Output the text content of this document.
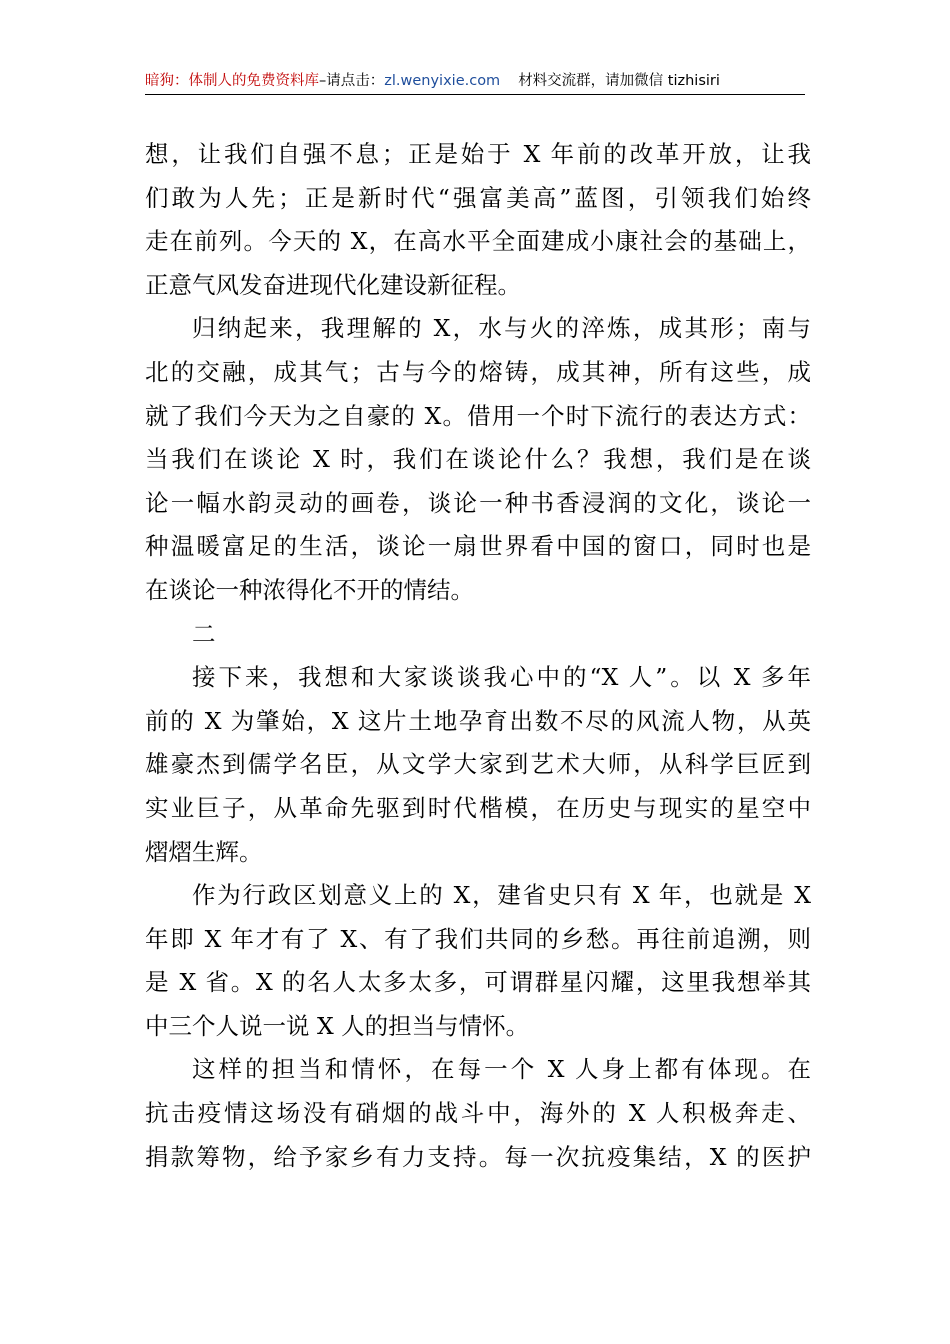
暗狗：体制人的免费资料库–请点击：zl.wenyixie.com 材料交流群，请加微信 tizhisiri
想，让我们自强不息；正是始于 X 年前的改革开放，让我
们敢为人先；正是新时代“强富美高”蓝图，引领我们始终
走在前列。今天的 X，在高水平全面建成小康社会的基础上，
正意气风发奋进现代化建设新征程。
归纳起来，我理解的 X，水与火的淬炼，成其形；南与
北的交融，成其气；古与今的熔铸，成其神，所有这些，成
就了我们今天为之自豪的 X。借用一个时下流行的表达方式：
当我们在谈论 X 时，我们在谈论什么？我想，我们是在谈
论一幅水韵灵动的画卷，谈论一种书香浸润的文化，谈论一
种温暖富足的生活，谈论一扇世界看中国的窗口，同时也是
在谈论一种浓得化不开的情结。
二
接下来，我想和大家谈谈我心中的“X 人”。以 X 多年
前的 X 为肇始，X 这片土地孕育出数不尽的风流人物，从英
雄豪杰到儒学名臣，从文学大家到艺术大师，从科学巨匠到
实业巨子，从革命先驱到时代楷模，在历史与现实的星空中
熠熠生辉。
作为行政区划意义上的 X，建省史只有 X 年，也就是 X
年即 X 年才有了 X、有了我们共同的乡愁。再往前追溯，则
是 X 省。X 的名人太多太多，可谓群星闪耀，这里我想举其
中三个人说一说 X 人的担当与情怀。
这样的担当和情怀，在每一个 X 人身上都有体现。在
抗击疫情这场没有硝烟的战斗中，海外的 X 人积极奔走、
捐款筹物，给予家乡有力支持。每一次抗疫集结，X 的医护
